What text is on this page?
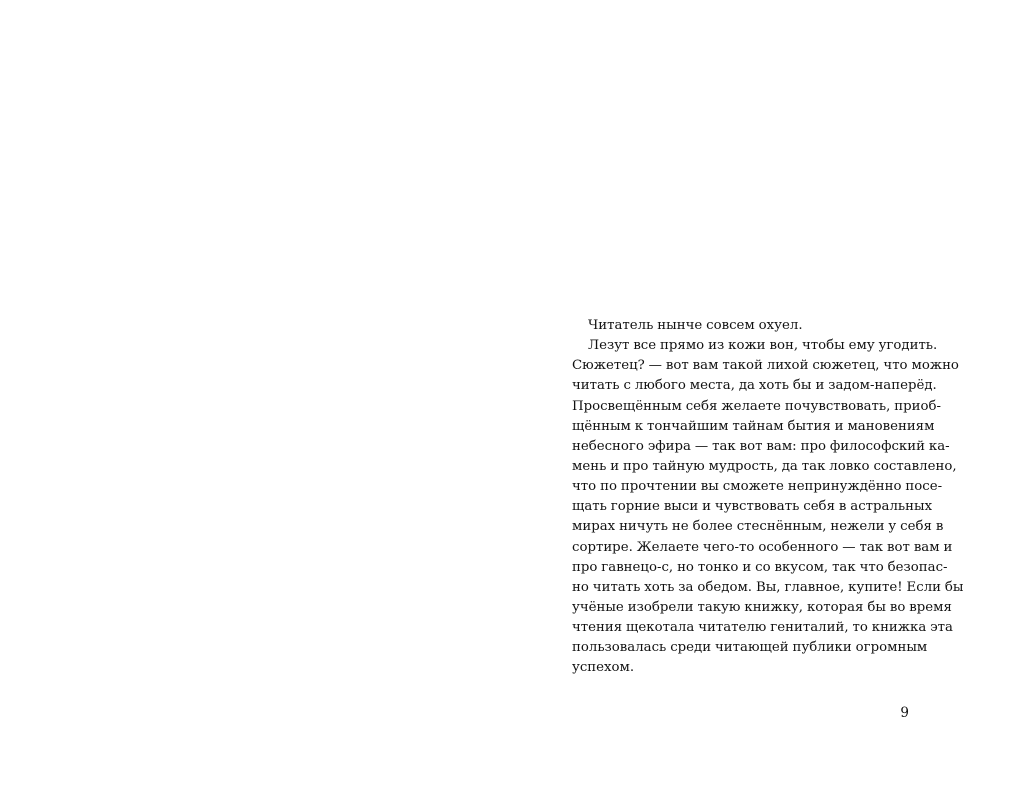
Читатель нынче совсем охуел.
Лезут все прямо из кожи вон, чтобы ему угодить.
Сюжетец? — вот вам такой лихой сюжетец, что можно
читать с любого места, да хоть бы и задом-наперёд.
Просвещённым себя желаете почувствовать, приоб-
щённым к тончайшим тайнам бытия и мановениям
небесного эфира — так вот вам: про философский ка-
мень и про тайную мудрость, да так ловко составлено,
что по прочтении вы сможете непринуждённо посе-
щать горние выси и чувствовать себя в астральных
мирах ничуть не более стеснённым, нежели у себя в
сортире. Желаете чего-то особенного — так вот вам и
про гавнецо-с, но тонко и со вкусом, так что безопас-
но читать хоть за обедом. Вы, главное, купите! Если бы
учёные изобрели такую книжку, которая бы во время
чтения щекотала читателю гениталий, то книжка эта
пользовалась среди читающей публики огромным
успехом.
9
